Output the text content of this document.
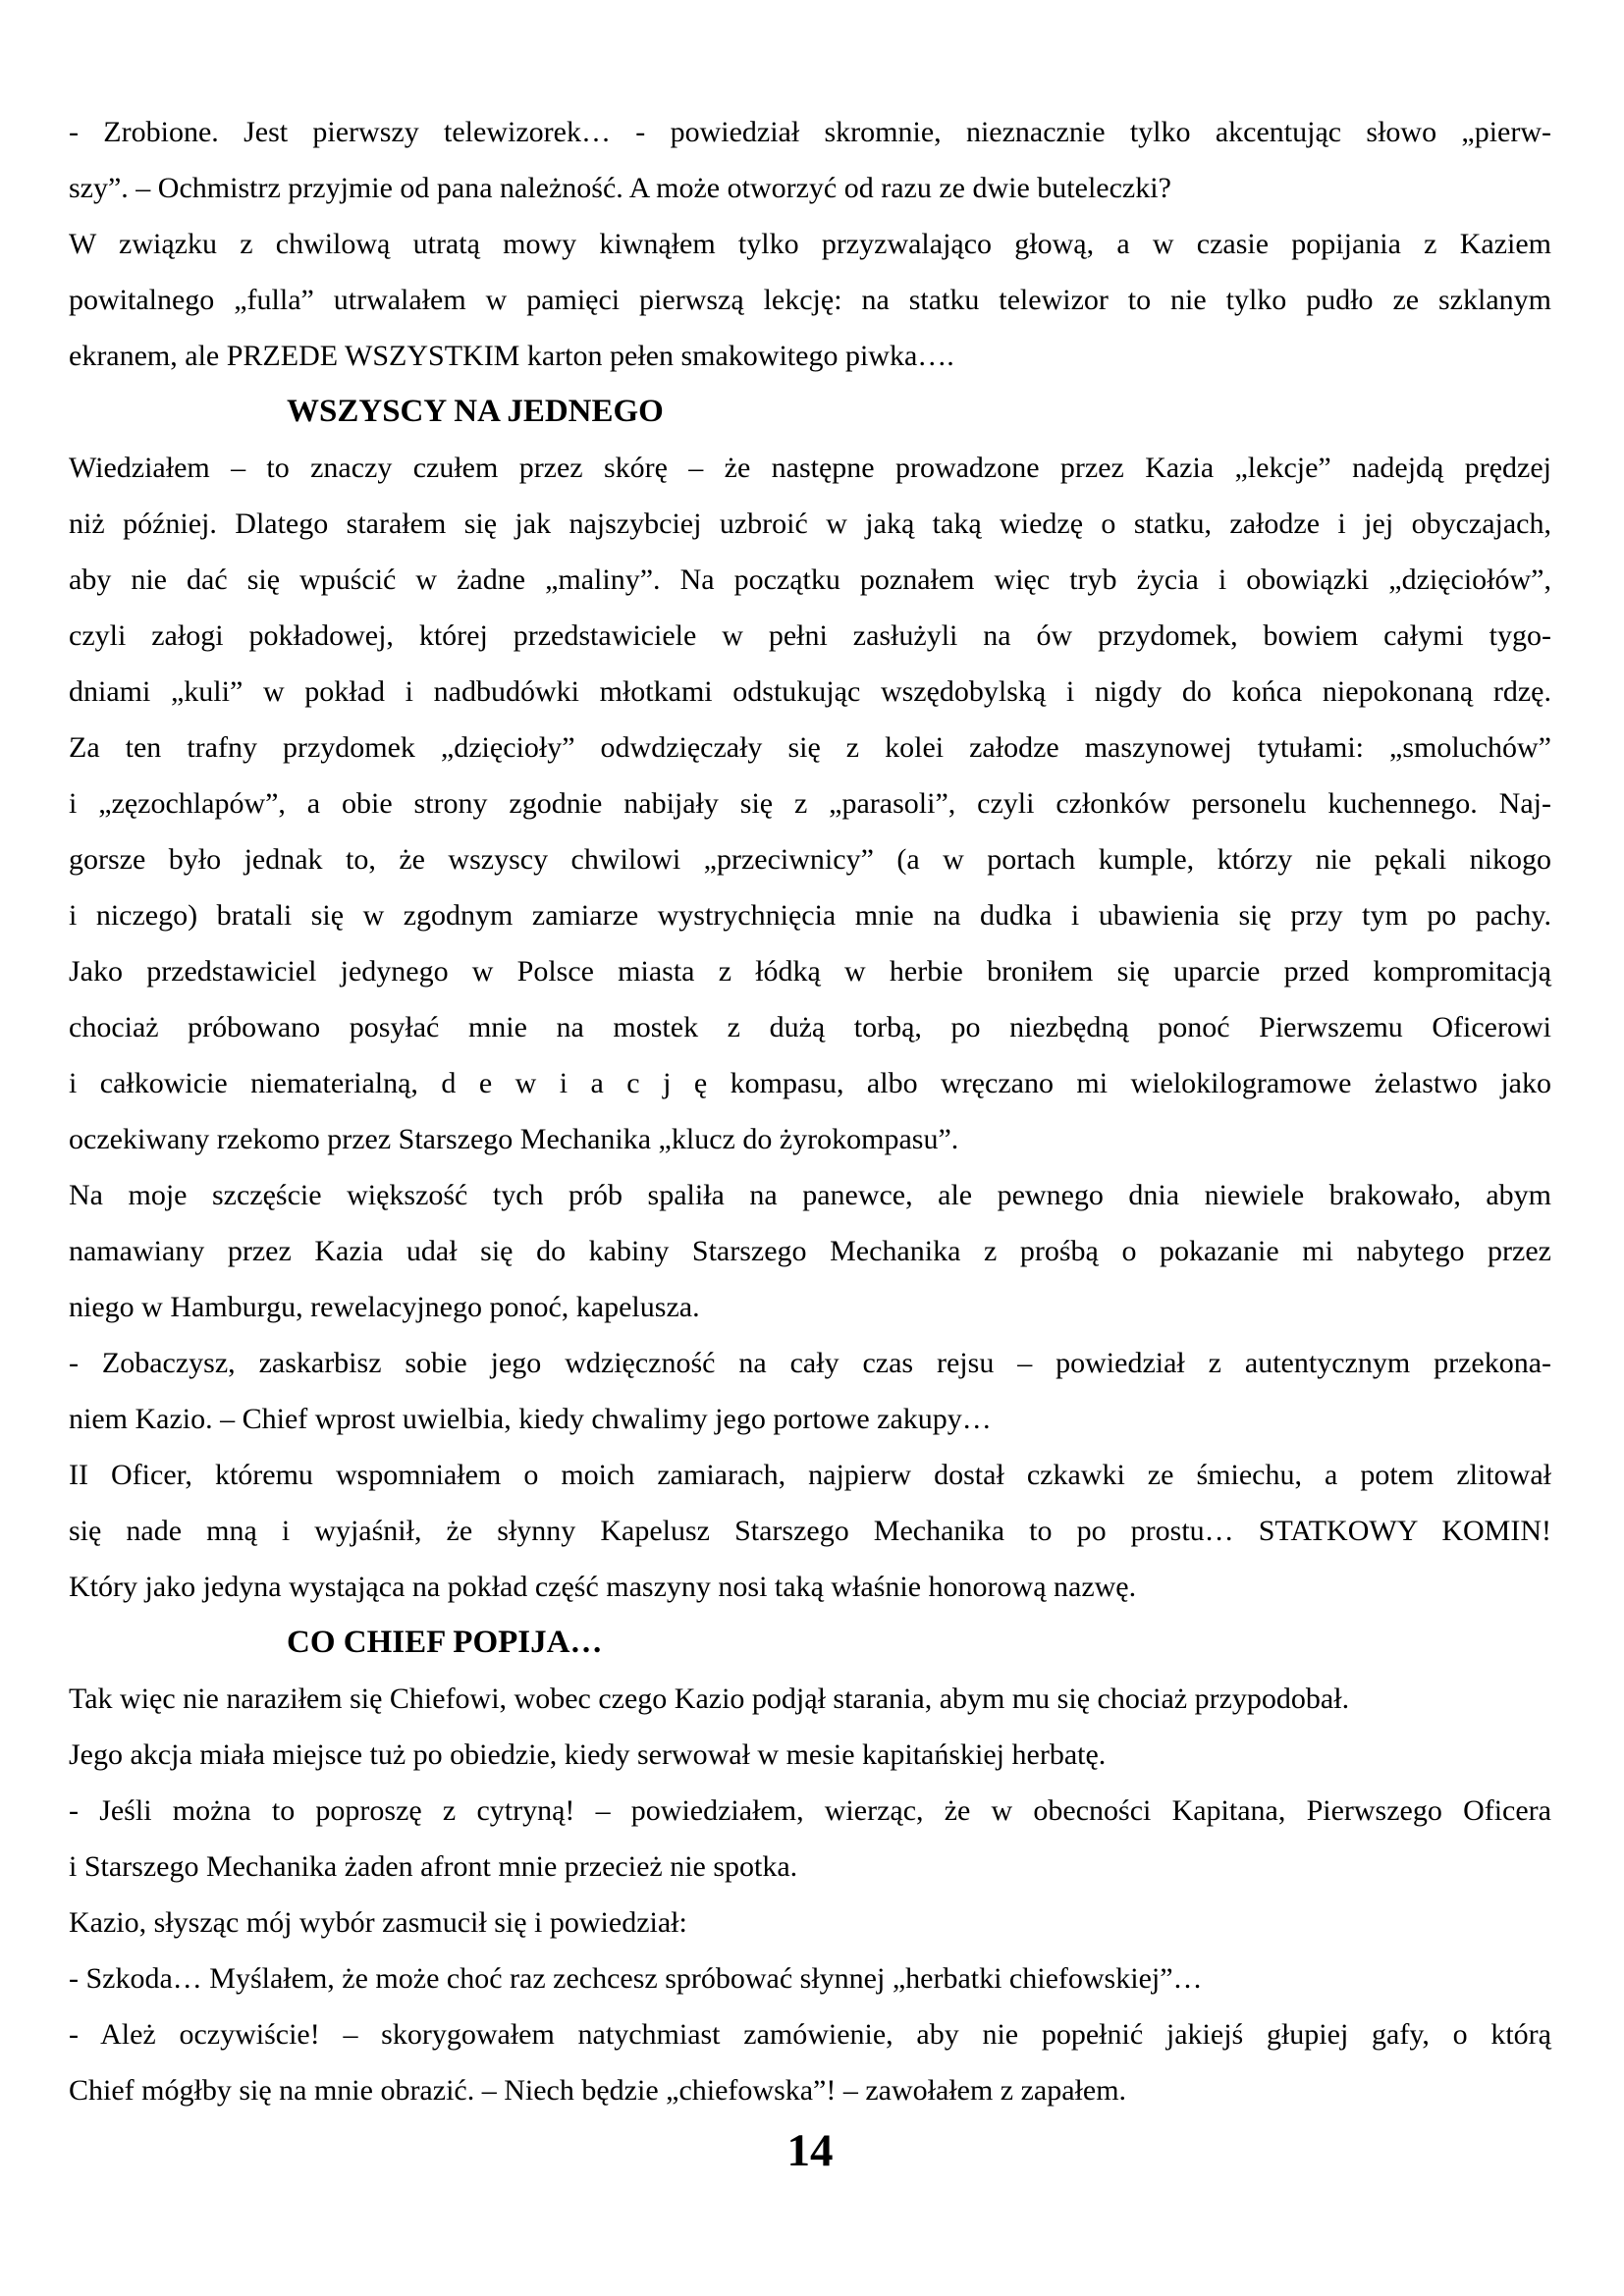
- Zrobione. Jest pierwszy telewizorek… - powiedział skromnie, nieznacznie tylko akcentując słowo „pierw-
szy”. – Ochmistrz przyjmie od pana należność. A może otworzyć od razu ze dwie buteleczki?
W związku z chwilową utratą mowy kiwnąłem tylko przyzwalająco głową, a w czasie popijania z Kaziem
powitalnego „fulla” utrwalałem w pamięci pierwszą lekcję: na statku telewizor to nie tylko pudło ze szklanym
ekranem, ale PRZEDE WSZYSTKIM karton pełen smakowitego piwka….
WSZYSCY NA JEDNEGO
Wiedziałem – to znaczy czułem przez skórę – że następne prowadzone przez Kazia „lekcje” nadejdą prędzej
niż później. Dlatego starałem się jak najszybciej uzbroić w jaką taką wiedzę o statku, załodze i jej obyczajach,
aby nie dać się wpuścić w żadne „maliny”. Na początku poznałem więc tryb życia i obowiązki „dzięciołów”,
czyli załogi pokładowej, której przedstawiciele w pełni zasłużyli na ów przydomek, bowiem całymi tygo-
dniami „kuli” w pokład i nadbudówki młotkami odstukując wszędobylską i nigdy do końca niepokonaną rdzę.
Za ten trafny przydomek „dzięcioły” odwdzięczały się z kolei załodze maszynowej tytułami: „smoluchów”
i „zęzochlapów”, a obie strony zgodnie nabijały się z „parasoli”, czyli członków personelu kuchennego. Naj-
gorsze było jednak to, że wszyscy chwilowi „przeciwnicy” (a w portach kumple, którzy nie pękali nikogo
i niczego) bratali się w zgodnym zamiarze wystrychnięcia mnie na dudka i ubawienia się przy tym po pachy.
Jako przedstawiciel jedynego w Polsce miasta z łódką w herbie broniłem się uparcie przed kompromitacją
chociaż próbowano posyłać mnie na mostek z dużą torbą, po niezbędną ponoć Pierwszemu Oficerowi
i całkowicie niematerialną, d e w i a c j ę kompasu, albo wręczano mi wielokilogramowe żelastwo jako
oczekiwany rzekomo przez Starszego Mechanika „klucz do żyrokompasu”.
Na moje szczęście większość tych prób spaliła na panewce, ale pewnego dnia niewiele brakowało, abym
namawiany przez Kazia udał się do kabiny Starszego Mechanika z prośbą o pokazanie mi nabytego przez
niego w Hamburgu, rewelacyjnego ponoć, kapelusza.
- Zobaczysz, zaskarbisz sobie jego wdzięczność na cały czas rejsu – powiedział z autentycznym przekona-
niem Kazio. – Chief wprost uwielbia, kiedy chwalimy jego portowe zakupy…
II Oficer, któremu wspomniałem o moich zamiarach, najpierw dostał czkawki ze śmiechu, a potem zlitował
się nade mną i wyjaśnił, że słynny Kapelusz Starszego Mechanika to po prostu… STATKOWY KOMIN!
Który jako jedyna wystająca na pokład część maszyny nosi taką właśnie honorową nazwę.
CO CHIEF POPIJA…
Tak więc nie naraziłem się Chiefowi, wobec czego Kazio podjął starania, abym mu się chociaż przypodobał.
Jego akcja miała miejsce tuż po obiedzie, kiedy serwował w mesie kapitańskiej herbatę.
- Jeśli można to poproszę z cytryną! – powiedziałem, wierząc, że w obecności Kapitana, Pierwszego Oficera
i Starszego Mechanika żaden afront mnie przecież nie spotka.
Kazio, słysząc mój wybór zasmucił się i powiedział:
- Szkoda… Myślałem, że może choć raz zechcesz spróbować słynnej „herbatki chiefowskiej”…
- Ależ oczywiście! – skorygowałem natychmiast zamówienie, aby nie popełnić jakiejś głupiej gafy, o którą
Chief mógłby się na mnie obrazić. – Niech będzie „chiefowska”! – zawołałem z zapałem.
14
